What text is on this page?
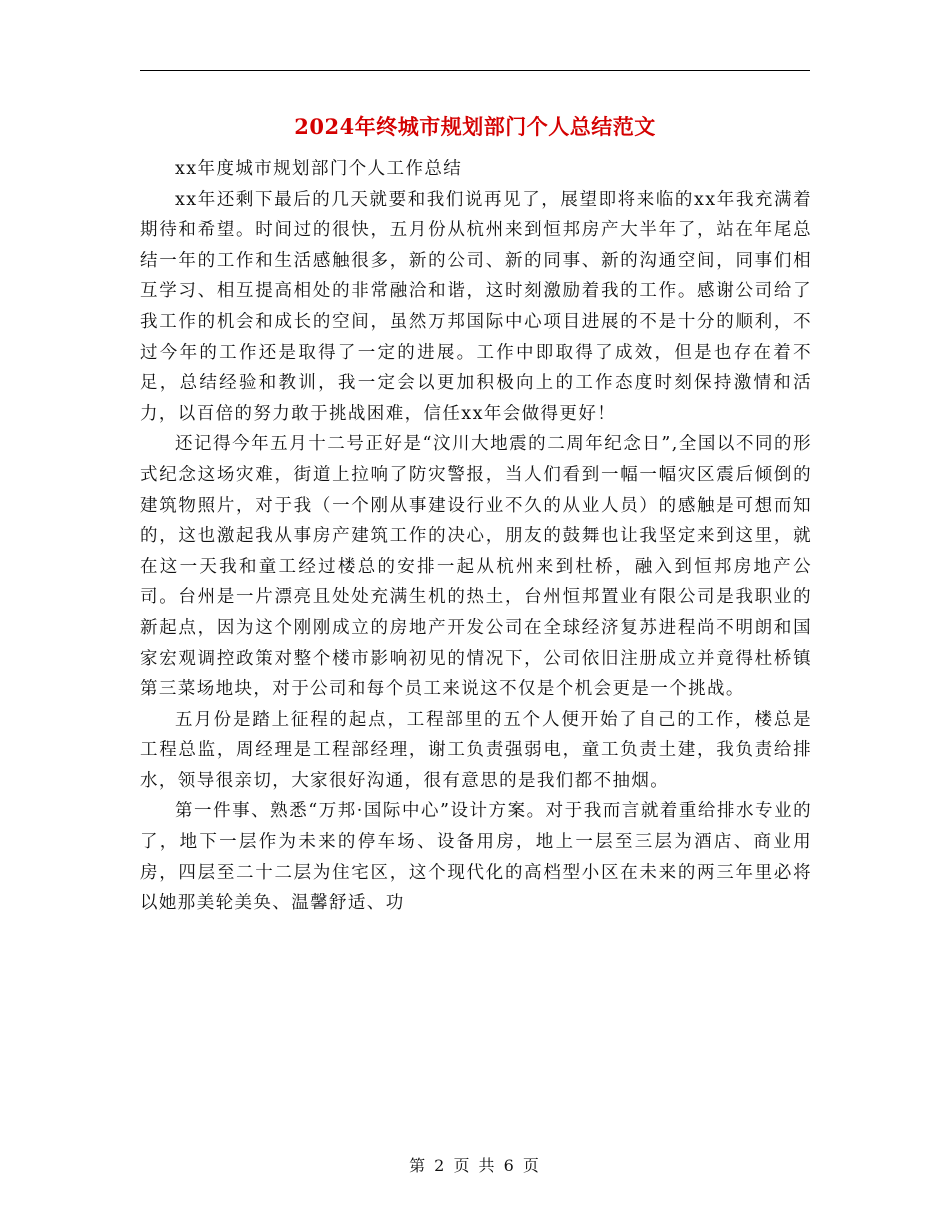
2024年终城市规划部门个人总结范文

xx年度城市规划部门个人工作总结

xx年还剩下最后的几天就要和我们说再见了，展望即将来临的xx年我充满着期待和希望。时间过的很快，五月份从杭州来到恒邦房产大半年了，站在年尾总结一年的工作和生活感触很多，新的公司、新的同事、新的沟通空间，同事们相互学习、相互提高相处的非常融洽和谐，这时刻激励着我的工作。感谢公司给了我工作的机会和成长的空间，虽然万邦国际中心项目进展的不是十分的顺利，不过今年的工作还是取得了一定的进展。工作中即取得了成效，但是也存在着不足，总结经验和教训，我一定会以更加积极向上的工作态度时刻保持激情和活力，以百倍的努力敢于挑战困难，信任xx年会做得更好！

还记得今年五月十二号正好是“汶川大地震的二周年纪念日”,全国以不同的形式纪念这场灾难，街道上拉响了防灾警报，当人们看到一幅一幅灾区震后倾倒的建筑物照片，对于我（一个刚从事建设行业不久的从业人员）的感触是可想而知的，这也激起我从事房产建筑工作的决心，朋友的鼓舞也让我坚定来到这里，就在这一天我和童工经过楼总的安排一起从杭州来到杜桥，融入到恒邦房地产公司。台州是一片漂亮且处处充满生机的热土，台州恒邦置业有限公司是我职业的新起点，因为这个刚刚成立的房地产开发公司在全球经济复苏进程尚不明朗和国家宏观调控政策对整个楼市影响初见的情况下，公司依旧注册成立并竟得杜桥镇第三菜场地块，对于公司和每个员工来说这不仅是个机会更是一个挑战。

五月份是踏上征程的起点，工程部里的五个人便开始了自己的工作，楼总是工程总监，周经理是工程部经理，谢工负责强弱电，童工负责土建，我负责给排水，领导很亲切，大家很好沟通，很有意思的是我们都不抽烟。

第一件事、熟悉“万邦·国际中心”设计方案。对于我而言就着重给排水专业的了，地下一层作为未来的停车场、设备用房，地上一层至三层为酒店、商业用房，四层至二十二层为住宅区，这个现代化的高档型小区在未来的两三年里必将以她那美轮美奂、温馨舒适、功

第 2 页 共 6 页
